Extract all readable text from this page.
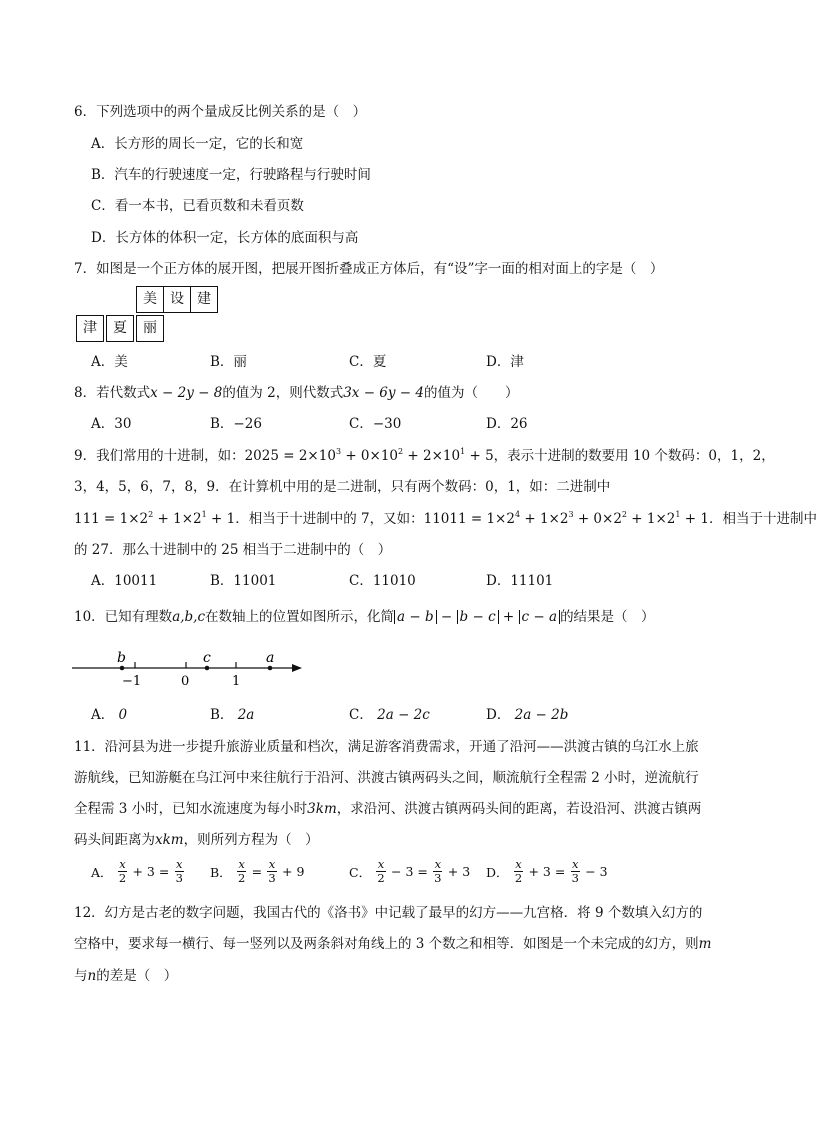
6．下列选项中的两个量成反比例关系的是（　）
A．长方形的周长一定，它的长和宽
B．汽车的行驶速度一定，行驶路程与行驶时间
C．看一本书，已看页数和未看页数
D．长方体的体积一定，长方体的底面积与高
7．如图是一个正方体的展开图，把展开图折叠成正方体后，有“设”字一面的相对面上的字是（　）
美 设 建
津	夏	丽
A．美	B．丽	C．夏	D．津
8．若代数式x − 2y − 8的值为 2，则代数式3x − 6y − 4的值为（　　）
A．30	B．−26	C．−30	D．26
9．我们常用的十进制，如：$2025 = 2\times 10^3 + 0\times 10^2 + 2\times 10^1 + 5$，表示十进制的数要用 10 个数码：0，1，2，
3，4，5，6，7，8，9．在计算机中用的是二进制，只有两个数码：0，1，如：二进制中
$111 = 1\times 2^2 + 1\times 2^1 + 1$．相当于十进制中的 7，又如：$11011 = 1\times 2^4 + 1\times 2^3 + 0\times 2^2 + 1\times 2^1 + 1$．相当于十进制中
的 27．那么十进制中的 25 相当于二进制中的（　）
A．10011	B．11001	C．11010	D．11101
10．已知有理数a,b,c在数轴上的位置如图所示，化简 a − b − b − c + c − a 的结果是（　）
b	c	a
−1	0	1
A． 0	B． 2a	C． 2a − 2c	D． 2a − 2b
11．沿河县为进一步提升旅游业质量和档次，满足游客消费需求，开通了沿河——洪渡古镇的乌江水上旅
游航线，已知游艇在乌江河中来往航行于沿河、洪渡古镇两码头之间，顺流航行全程需 2 小时，逆流航行
全程需 3 小时，已知水流速度为每小时3km，求沿河、洪渡古镇两码头间的距离，若设沿河、洪渡古镇两
码头间距离为xkm，则所列方程为（　）
A． $\frac{x}{2} + 3 = \frac{x}{3}$ B． $\frac{x}{2} = \frac{x}{3} + 9$	C． $\frac{x}{2} - 3 = \frac{x}{3} + 3$ D． $\frac{x}{2} + 3 = \frac{x}{3} - 3$
12．幻方是古老的数字问题，我国古代的《洛书》中记载了最早的幻方——九宫格．将 9 个数填入幻方的
空格中，要求每一横行、每一竖列以及两条斜对角线上的 3 个数之和相等．如图是一个未完成的幻方，则m
与n的差是（　）
